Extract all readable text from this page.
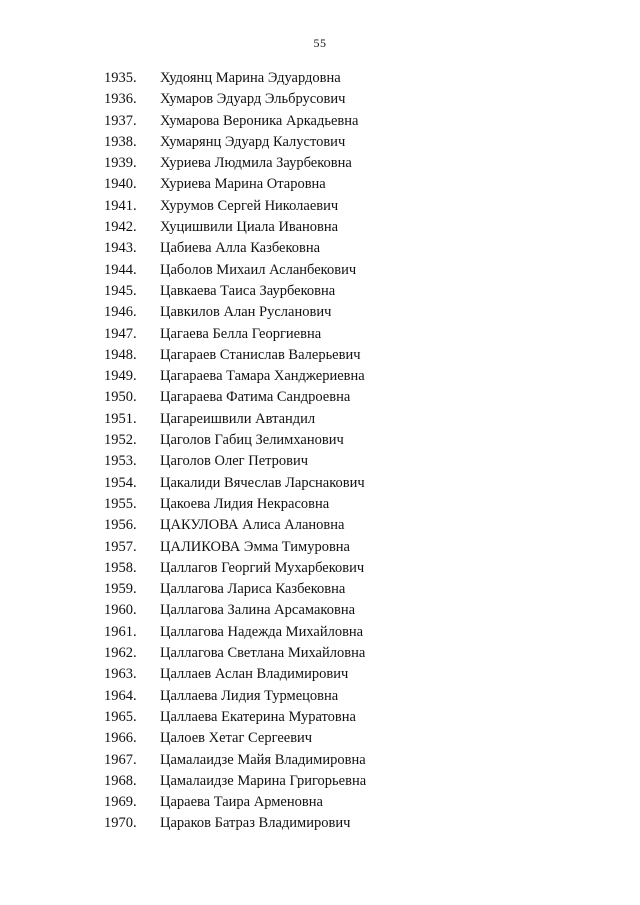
55
1935. Худоянц Марина Эдуардовна
1936. Хумаров Эдуард Эльбрусович
1937. Хумарова Вероника Аркадьевна
1938. Хумарянц Эдуард Калустович
1939. Хуриева Людмила Заурбековна
1940. Хуриева Марина Отаровна
1941. Хурумов Сергей Николаевич
1942. Хуцишвили Циала Ивановна
1943. Цабиева Алла Казбековна
1944. Цаболов Михаил Асланбекович
1945. Цавкаева Таиса Заурбековна
1946. Цавкилов Алан Русланович
1947. Цагаева Белла Георгиевна
1948. Цагараев Станислав Валерьевич
1949. Цагараева Тамара Ханджериевна
1950. Цагараева Фатима Сандроевна
1951. Цагареишвили Автандил
1952. Цаголов Габиц Зелимханович
1953. Цаголов Олег Петрович
1954. Цакалиди Вячеслав Ларснакович
1955. Цакоева Лидия Некрасовна
1956. ЦАКУЛОВА Алиса Алановна
1957. ЦАЛИКОВА Эмма Тимуровна
1958. Цаллагов Георгий Мухарбекович
1959. Цаллагова Лариса Казбековна
1960. Цаллагова Залина Арсамаковна
1961. Цаллагова Надежда Михайловна
1962. Цаллагова Светлана Михайловна
1963. Цаллаев Аслан Владимирович
1964. Цаллаева Лидия Турмецовна
1965. Цаллаева Екатерина Муратовна
1966. Цалоев Хетаг Сергеевич
1967. Цамалаидзе Майя Владимировна
1968. Цамалаидзе Марина Григорьевна
1969. Цараева Таира Арменовна
1970. Цараков Батраз Владимирович
